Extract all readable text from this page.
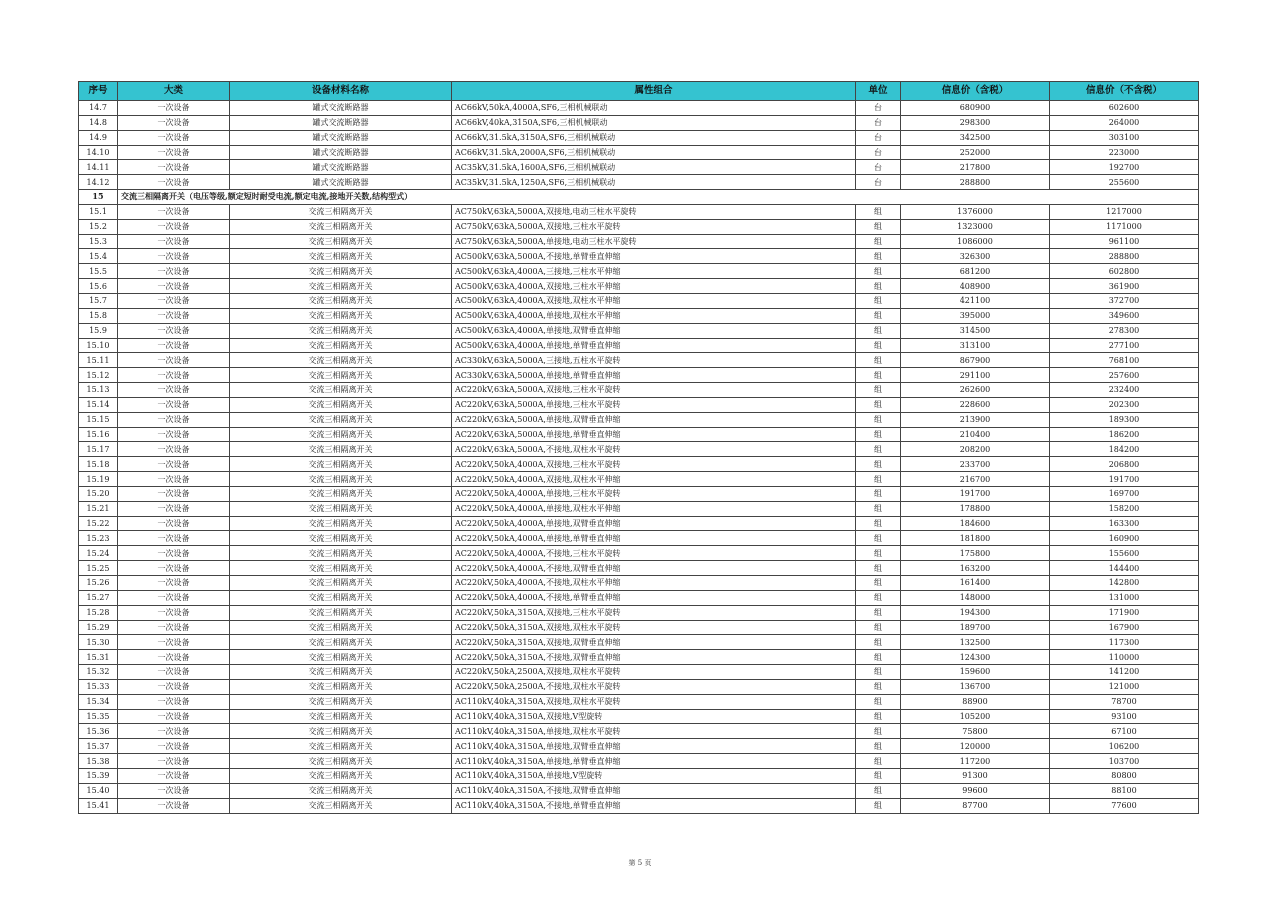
序号	大类	设备材料名称	属性组合	单位	信息价（含税）	信息价（不含税）
14.7	一次设备	罐式交流断路器	AC66kV,50kA,4000A,SF6,三相机械联动	台	680900	602600
14.8	一次设备	罐式交流断路器	AC66kV,40kA,3150A,SF6,三相机械联动	台	298300	264000
14.9	一次设备	罐式交流断路器	AC66kV,31.5kA,3150A,SF6,三相机械联动	台	342500	303100
14.10	一次设备	罐式交流断路器	AC66kV,31.5kA,2000A,SF6,三相机械联动	台	252000	223000
14.11	一次设备	罐式交流断路器	AC35kV,31.5kA,1600A,SF6,三相机械联动	台	217800	192700
14.12	一次设备	罐式交流断路器	AC35kV,31.5kA,1250A,SF6,三相机械联动	台	288800	255600
15	交流三相隔离开关（电压等级,额定短时耐受电流,额定电流,接地开关数,结构型式）					
15.1	一次设备	交流三相隔离开关	AC750kV,63kA,5000A,双接地,电动三柱水平旋转	组	1376000	1217000
15.2	一次设备	交流三相隔离开关	AC750kV,63kA,5000A,双接地,三柱水平旋转	组	1323000	1171000
15.3	一次设备	交流三相隔离开关	AC750kV,63kA,5000A,单接地,电动三柱水平旋转	组	1086000	961100
15.4	一次设备	交流三相隔离开关	AC500kV,63kA,5000A,不接地,单臂垂直伸缩	组	326300	288800
15.5	一次设备	交流三相隔离开关	AC500kV,63kA,4000A,三接地,三柱水平伸缩	组	681200	602800
15.6	一次设备	交流三相隔离开关	AC500kV,63kA,4000A,双接地,三柱水平伸缩	组	408900	361900
15.7	一次设备	交流三相隔离开关	AC500kV,63kA,4000A,双接地,双柱水平伸缩	组	421100	372700
15.8	一次设备	交流三相隔离开关	AC500kV,63kA,4000A,单接地,双柱水平伸缩	组	395000	349600
15.9	一次设备	交流三相隔离开关	AC500kV,63kA,4000A,单接地,双臂垂直伸缩	组	314500	278300
15.10	一次设备	交流三相隔离开关	AC500kV,63kA,4000A,单接地,单臂垂直伸缩	组	313100	277100
15.11	一次设备	交流三相隔离开关	AC330kV,63kA,5000A,三接地,五柱水平旋转	组	867900	768100
15.12	一次设备	交流三相隔离开关	AC330kV,63kA,5000A,单接地,单臂垂直伸缩	组	291100	257600
15.13	一次设备	交流三相隔离开关	AC220kV,63kA,5000A,双接地,三柱水平旋转	组	262600	232400
15.14	一次设备	交流三相隔离开关	AC220kV,63kA,5000A,单接地,三柱水平旋转	组	228600	202300
15.15	一次设备	交流三相隔离开关	AC220kV,63kA,5000A,单接地,双臂垂直伸缩	组	213900	189300
15.16	一次设备	交流三相隔离开关	AC220kV,63kA,5000A,单接地,单臂垂直伸缩	组	210400	186200
15.17	一次设备	交流三相隔离开关	AC220kV,63kA,5000A,不接地,双柱水平旋转	组	208200	184200
15.18	一次设备	交流三相隔离开关	AC220kV,50kA,4000A,双接地,三柱水平旋转	组	233700	206800
15.19	一次设备	交流三相隔离开关	AC220kV,50kA,4000A,双接地,双柱水平伸缩	组	216700	191700
15.20	一次设备	交流三相隔离开关	AC220kV,50kA,4000A,单接地,三柱水平旋转	组	191700	169700
15.21	一次设备	交流三相隔离开关	AC220kV,50kA,4000A,单接地,双柱水平伸缩	组	178800	158200
15.22	一次设备	交流三相隔离开关	AC220kV,50kA,4000A,单接地,双臂垂直伸缩	组	184600	163300
15.23	一次设备	交流三相隔离开关	AC220kV,50kA,4000A,单接地,单臂垂直伸缩	组	181800	160900
15.24	一次设备	交流三相隔离开关	AC220kV,50kA,4000A,不接地,三柱水平旋转	组	175800	155600
15.25	一次设备	交流三相隔离开关	AC220kV,50kA,4000A,不接地,双臂垂直伸缩	组	163200	144400
15.26	一次设备	交流三相隔离开关	AC220kV,50kA,4000A,不接地,双柱水平伸缩	组	161400	142800
15.27	一次设备	交流三相隔离开关	AC220kV,50kA,4000A,不接地,单臂垂直伸缩	组	148000	131000
15.28	一次设备	交流三相隔离开关	AC220kV,50kA,3150A,双接地,三柱水平旋转	组	194300	171900
15.29	一次设备	交流三相隔离开关	AC220kV,50kA,3150A,双接地,双柱水平旋转	组	189700	167900
15.30	一次设备	交流三相隔离开关	AC220kV,50kA,3150A,双接地,双臂垂直伸缩	组	132500	117300
15.31	一次设备	交流三相隔离开关	AC220kV,50kA,3150A,不接地,双臂垂直伸缩	组	124300	110000
15.32	一次设备	交流三相隔离开关	AC220kV,50kA,2500A,双接地,双柱水平旋转	组	159600	141200
15.33	一次设备	交流三相隔离开关	AC220kV,50kA,2500A,不接地,双柱水平旋转	组	136700	121000
15.34	一次设备	交流三相隔离开关	AC110kV,40kA,3150A,双接地,双柱水平旋转	组	88900	78700
15.35	一次设备	交流三相隔离开关	AC110kV,40kA,3150A,双接地,V型旋转	组	105200	93100
15.36	一次设备	交流三相隔离开关	AC110kV,40kA,3150A,单接地,双柱水平旋转	组	75800	67100
15.37	一次设备	交流三相隔离开关	AC110kV,40kA,3150A,单接地,双臂垂直伸缩	组	120000	106200
15.38	一次设备	交流三相隔离开关	AC110kV,40kA,3150A,单接地,单臂垂直伸缩	组	117200	103700
15.39	一次设备	交流三相隔离开关	AC110kV,40kA,3150A,单接地,V型旋转	组	91300	80800
15.40	一次设备	交流三相隔离开关	AC110kV,40kA,3150A,不接地,双臂垂直伸缩	组	99600	88100
15.41	一次设备	交流三相隔离开关	AC110kV,40kA,3150A,不接地,单臂垂直伸缩	组	87700	77600
第 5 页
